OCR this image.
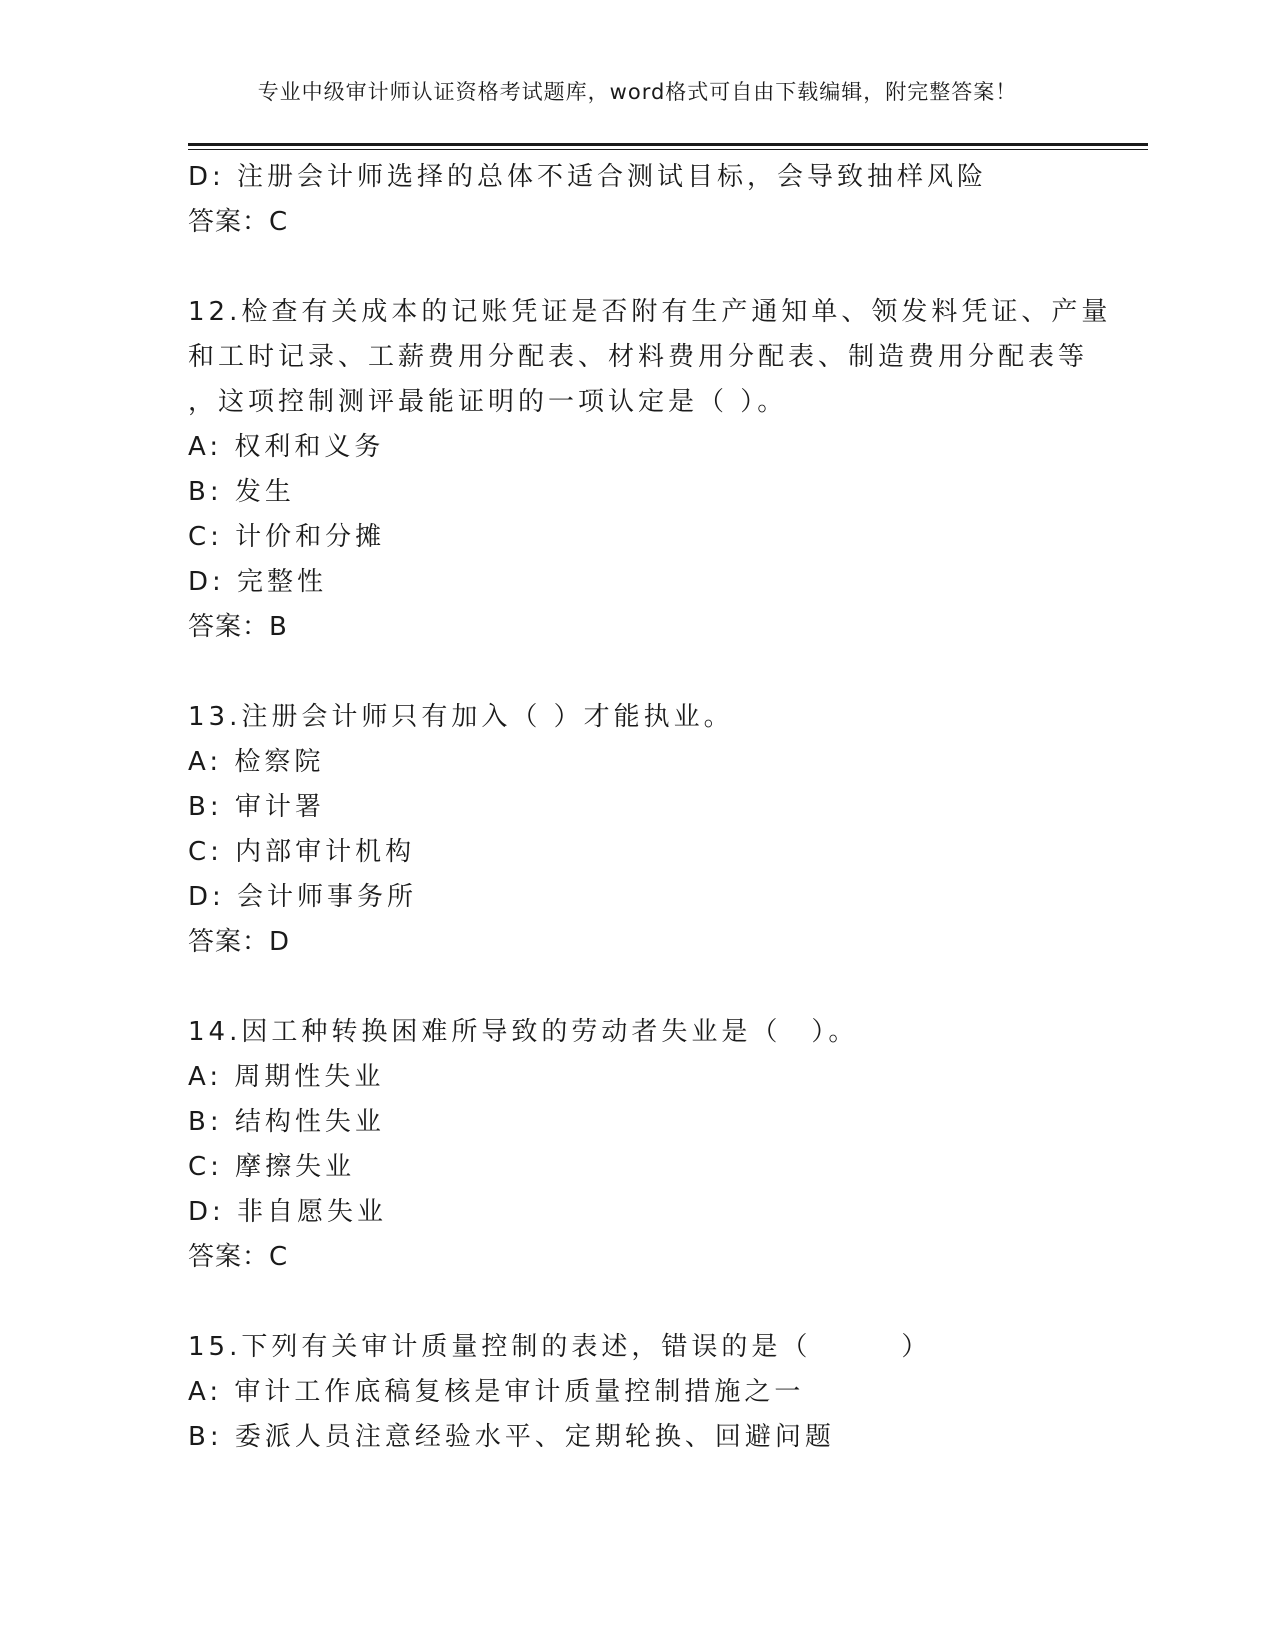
专业中级审计师认证资格考试题库，word格式可自由下载编辑，附完整答案！
D: 注册会计师选择的总体不适合测试目标，会导致抽样风险
答案：C
12.检查有关成本的记账凭证是否附有生产通知单、领发料凭证、产量
和工时记录、工薪费用分配表、材料费用分配表、制造费用分配表等
，这项控制测评最能证明的一项认定是（ ）。
A: 权利和义务
B: 发生
C: 计价和分摊
D: 完整性
答案：B
13.注册会计师只有加入（ ）才能执业。
A: 检察院
B: 审计署
C: 内部审计机构
D: 会计师事务所
答案：D
14.因工种转换困难所导致的劳动者失业是（　）。
A: 周期性失业
B: 结构性失业
C: 摩擦失业
D: 非自愿失业
答案：C
15.下列有关审计质量控制的表述，错误的是（　　　）
A: 审计工作底稿复核是审计质量控制措施之一
B: 委派人员注意经验水平、定期轮换、回避问题
